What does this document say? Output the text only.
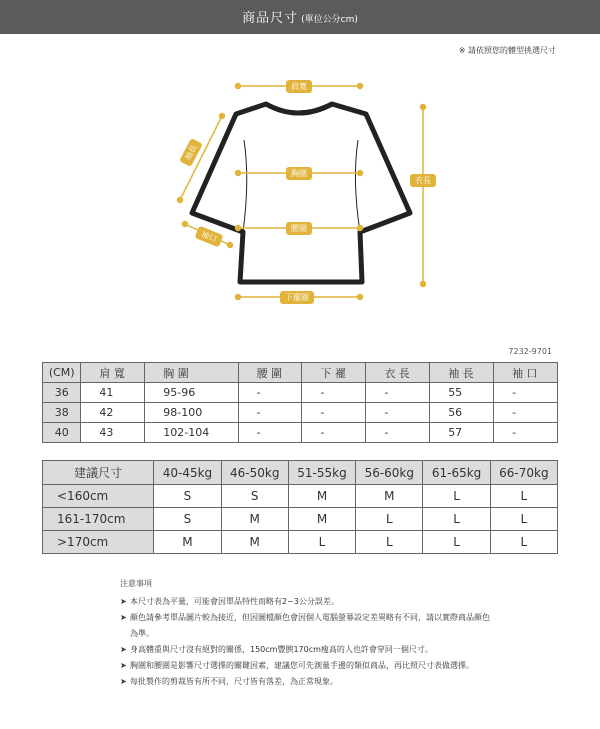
商品尺寸 (單位公分cm)
※ 請依照您的體型挑選尺寸
肩寬
胸圍
腰圍
下擺圍
衣長
袖長
袖口
7232-9701
(CM)	肩 寬	胸 圍	腰 圍	下 襬	衣 長	袖 長	袖 口
36	41	95-96	-	-	-	55	-
38	42	98-100	-	-	-	56	-
40	43	102-104	-	-	-	57	-
建議尺寸	40-45kg	46-50kg	51-55kg	56-60kg	61-65kg	66-70kg
<160cm	S	S	M	M	L	L
161-170cm	S	M	M	L	L	L
>170cm	M	M	L	L	L	L
注意事項
➤ 本尺寸表為平量，可能會因單品特性而略有2~3公分誤差。
➤ 顏色請參考單品圖片較為接近，但因圖檔顏色會因個人電腦螢幕設定差異略有不同，請以實際商品顏色為準。
➤ 身高體重與尺寸沒有絕對的關係，150cm豐腴170cm瘦高的人也許會穿同一個尺寸。
➤ 胸圍和腰圍是影響尺寸選擇的關鍵因素，建議您可先測量手邊的類似商品，再比照尺寸表做選擇。
➤ 每批製作的剪裁皆有所不同，尺寸皆有落差，為正常現象。
